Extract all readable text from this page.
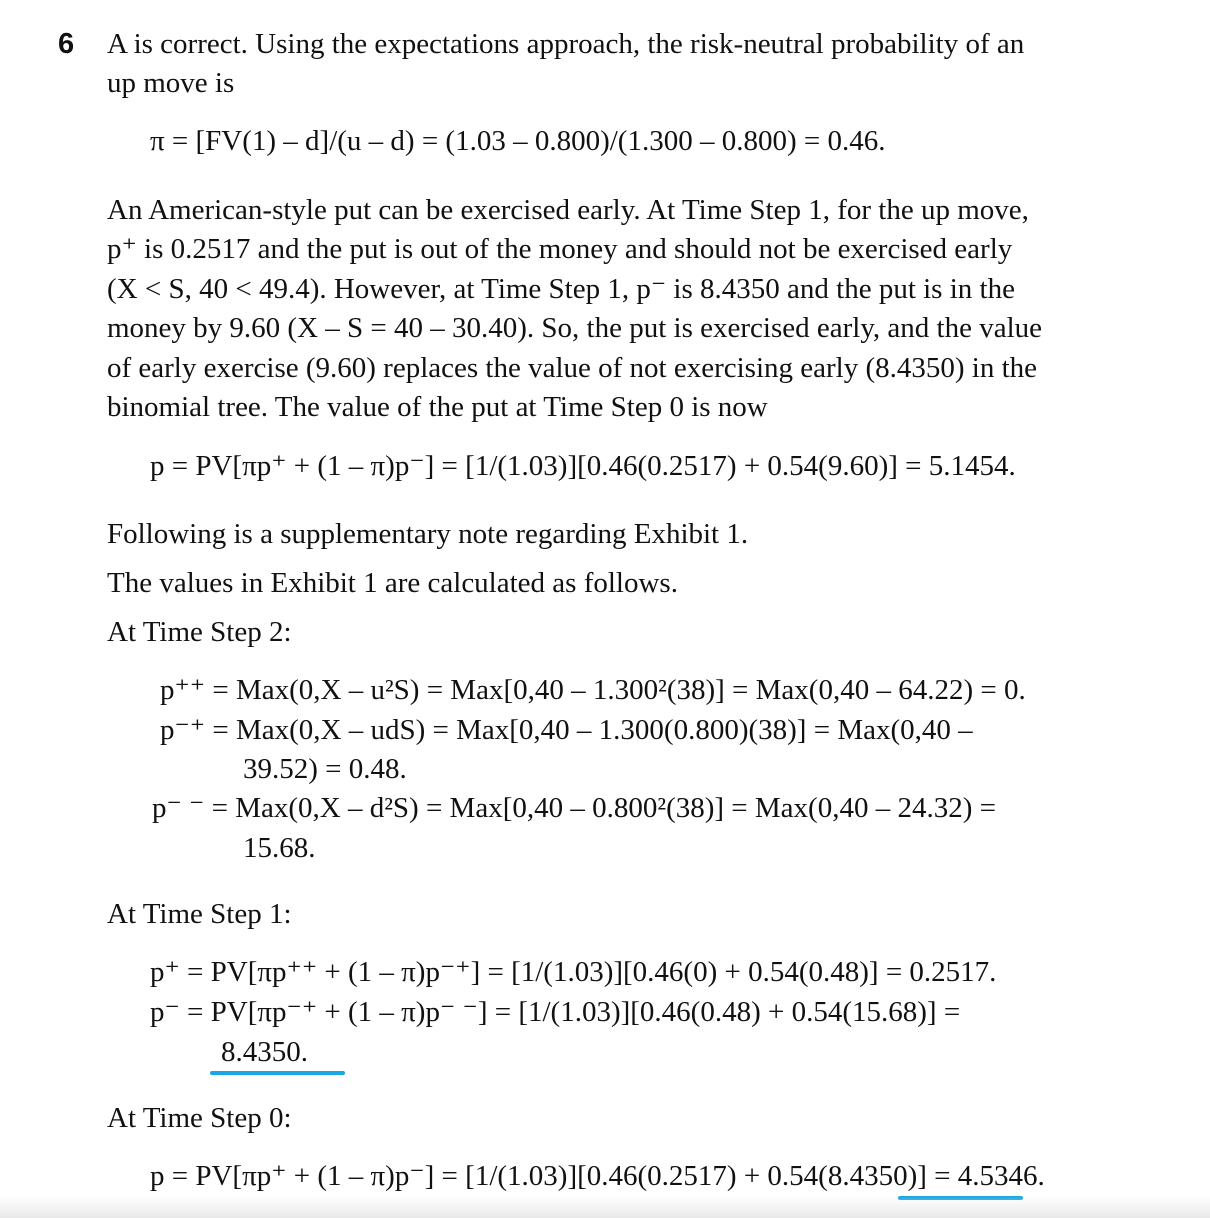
6 A is correct. Using the expectations approach, the risk-neutral probability of an
up move is
π = [FV(1) – d]/(u – d) = (1.03 – 0.800)/(1.300 – 0.800) = 0.46.
An American-style put can be exercised early. At Time Step 1, for the up move,
p⁺ is 0.2517 and the put is out of the money and should not be exercised early
(X < S, 40 < 49.4). However, at Time Step 1, p⁻ is 8.4350 and the put is in the
money by 9.60 (X – S = 40 – 30.40). So, the put is exercised early, and the value
of early exercise (9.60) replaces the value of not exercising early (8.4350) in the
binomial tree. The value of the put at Time Step 0 is now
p = PV[πp⁺ + (1 – π)p⁻] = [1/(1.03)][0.46(0.2517) + 0.54(9.60)] = 5.1454.
Following is a supplementary note regarding Exhibit 1.
The values in Exhibit 1 are calculated as follows.
At Time Step 2:
p⁺⁺ = Max(0,X – u²S) = Max[0,40 – 1.300²(38)] = Max(0,40 – 64.22) = 0.
p⁻⁺ = Max(0,X – udS) = Max[0,40 – 1.300(0.800)(38)] = Max(0,40 –
39.52) = 0.48.
p⁻ ⁻ = Max(0,X – d²S) = Max[0,40 – 0.800²(38)] = Max(0,40 – 24.32) =
15.68.
At Time Step 1:
p⁺ = PV[πp⁺⁺ + (1 – π)p⁻⁺] = [1/(1.03)][0.46(0) + 0.54(0.48)] = 0.2517.
p⁻ = PV[πp⁻⁺ + (1 – π)p⁻ ⁻] = [1/(1.03)][0.46(0.48) + 0.54(15.68)] =
8.4350.
At Time Step 0:
p = PV[πp⁺ + (1 – π)p⁻] = [1/(1.03)][0.46(0.2517) + 0.54(8.4350)] = 4.5346.
